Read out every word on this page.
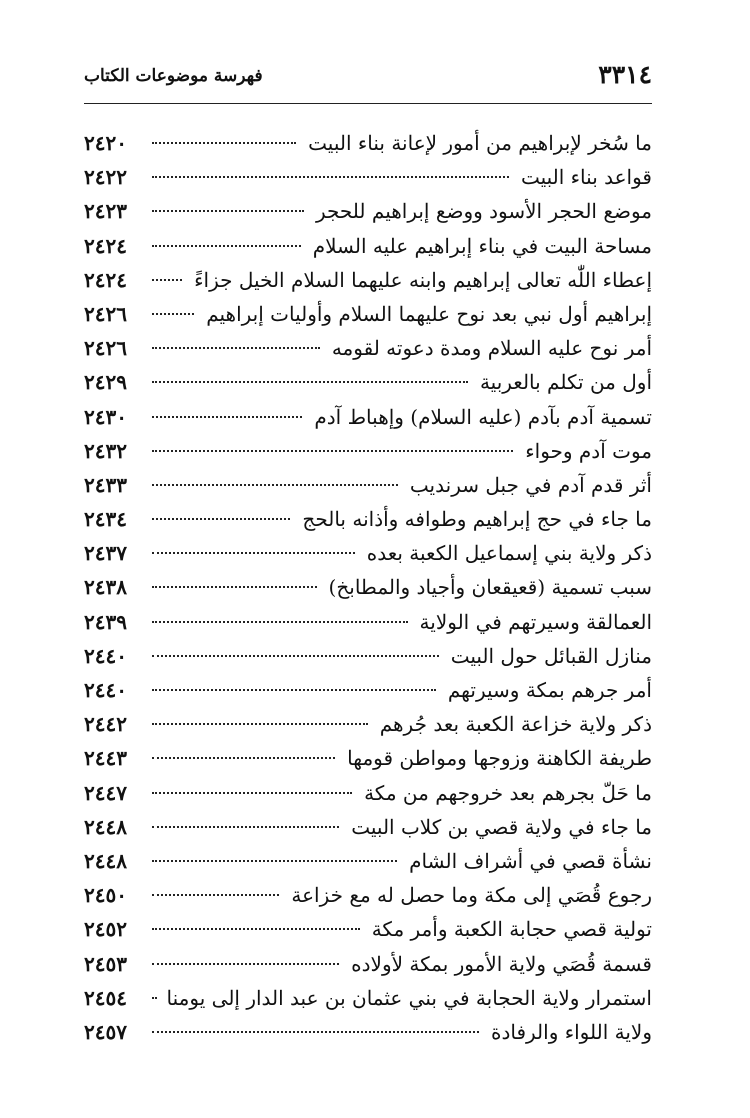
٣٣١٤
فهرسة موضوعات الكتاب
ما سُخر لإبراهيم من أمور لإعانة بناء البيت
٢٤٢٠
قواعد بناء البيت
٢٤٢٢
موضع الحجر الأسود ووضع إبراهيم للحجر
٢٤٢٣
مساحة البيت في بناء إبراهيم عليه السلام
٢٤٢٤
إعطاء اللّٰه تعالى إبراهيم وابنه عليهما السلام الخيل جزاءً
٢٤٢٤
إبراهيم أول نبي بعد نوح عليهما السلام وأوليات إبراهيم
٢٤٢٦
أمر نوح عليه السلام ومدة دعوته لقومه
٢٤٢٦
أول من تكلم بالعربية
٢٤٢٩
تسمية آدم بآدم (عليه السلام) وإهباط آدم
٢٤٣٠
موت آدم وحواء
٢٤٣٢
أثر قدم آدم في جبل سرنديب
٢٤٣٣
ما جاء في حج إبراهيم وطوافه وأذانه بالحج
٢٤٣٤
ذكر ولاية بني إسماعيل الكعبة بعده
٢٤٣٧
سبب تسمية (قعيقعان وأجياد والمطابخ)
٢٤٣٨
العمالقة وسيرتهم في الولاية
٢٤٣٩
منازل القبائل حول البيت
٢٤٤٠
أمر جرهم بمكة وسيرتهم
٢٤٤٠
ذكر ولاية خزاعة الكعبة بعد جُرهم
٢٤٤٢
طريفة الكاهنة وزوجها ومواطن قومها
٢٤٤٣
ما حَلّ بجرهم بعد خروجهم من مكة
٢٤٤٧
ما جاء في ولاية قصي بن كلاب البيت
٢٤٤٨
نشأة قصي في أشراف الشام
٢٤٤٨
رجوع قُصَي إلى مكة وما حصل له مع خزاعة
٢٤٥٠
تولية قصي حجابة الكعبة وأمر مكة
٢٤٥٢
قسمة قُصَي ولاية الأمور بمكة لأولاده
٢٤٥٣
استمرار ولاية الحجابة في بني عثمان بن عبد الدار إلى يومنا
٢٤٥٤
ولاية اللواء والرفادة
٢٤٥٧
